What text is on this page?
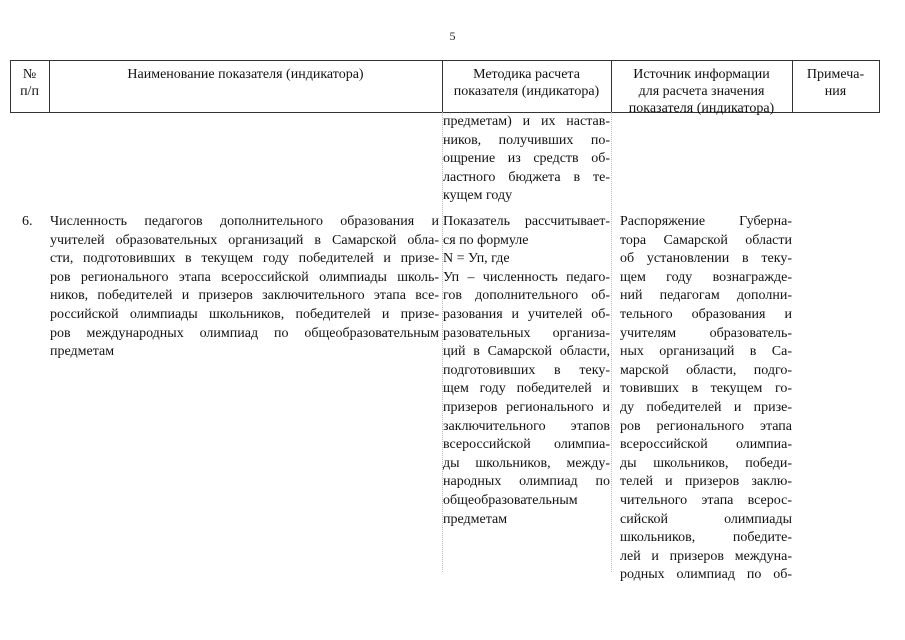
5
№
п/п
Наименование показателя (индикатора)	Методика расчета
показателя (индикатора)
Источник информации
для расчета значения
показателя (индикатора)
Примеча-
ния
предметам) и их настав-
ников, получивших по-
ощрение из средств об-
ластного бюджета в те-
кущем году
6.	Численность педагогов дополнительного образования и
учителей образовательных организаций в Самарской обла-
сти, подготовивших в текущем году победителей и призе-
ров регионального этапа всероссийской олимпиады школь-
ников, победителей и призеров заключительного этапа все-
российской олимпиады школьников, победителей и призе-
ров международных олимпиад по общеобразовательным
предметам
Показатель рассчитывает-
ся по формуле
N = Уп, где
Уп – численность педаго-
гов дополнительного об-
разования и учителей об-
разовательных организа-
ций в Самарской области,
подготовивших в теку-
щем году победителей и
призеров регионального и
заключительного этапов
всероссийской олимпиа-
ды школьников, между-
народных олимпиад по
общеобразовательным
предметам
Распоряжение Губерна-
тора Самарской области
об установлении в теку-
щем году вознагражде-
ний педагогам дополни-
тельного образования и
учителям образователь-
ных организаций в Са-
марской области, подго-
товивших в текущем го-
ду победителей и призе-
ров регионального этапа
всероссийской олимпиа-
ды школьников, победи-
телей и призеров заклю-
чительного этапа всерос-
сийской олимпиады
школьников, победите-
лей и призеров междуна-
родных олимпиад по об-
